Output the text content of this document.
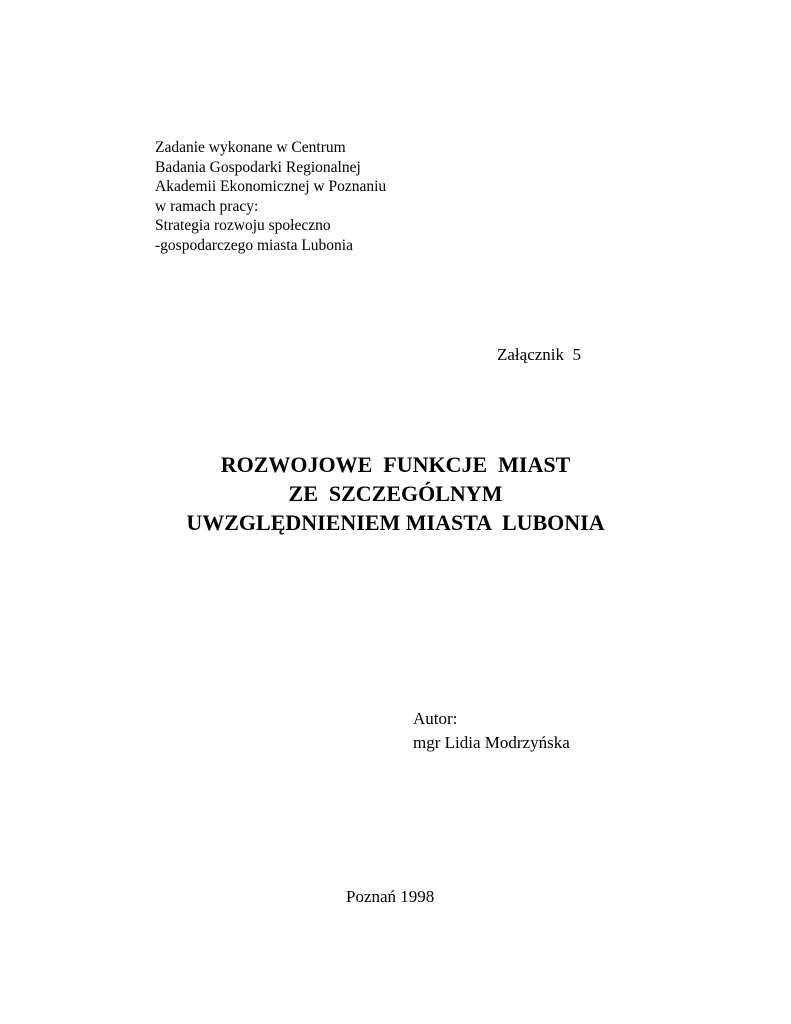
Zadanie wykonane w Centrum
Badania Gospodarki Regionalnej
Akademii Ekonomicznej w Poznaniu
w ramach pracy:
Strategia rozwoju społeczno
-gospodarczego miasta Lubonia
Załącznik  5
ROZWOJOWE  FUNKCJE  MIAST
ZE  SZCZEGÓLNYM
UWZGLĘDNIENIEM MIASTA  LUBONIA
Autor:
mgr Lidia Modrzyńska
Poznań 1998
